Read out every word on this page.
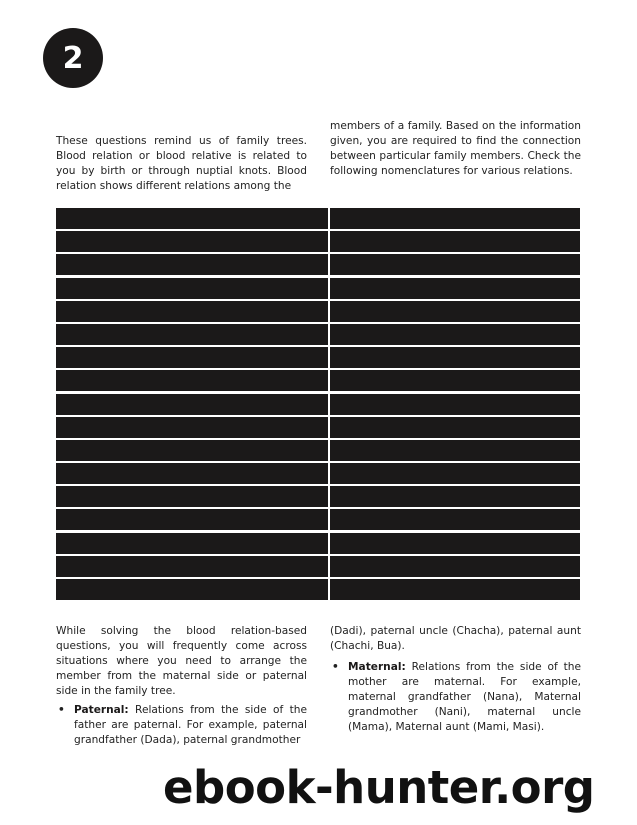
2

These questions remind us of family trees. Blood relation or blood relative is related to you by birth or through nuptial knots. Blood relation shows different relations among the

members of a family. Based on the information given, you are required to find the connection between particular family members. Check the following nomenclatures for various relations.

While solving the blood relation-based questions, you will frequently come across situations where you need to arrange the member from the maternal side or paternal side in the family tree.

• Paternal: Relations from the side of the father are paternal. For example, paternal grandfather (Dada), paternal grandmother

(Dadi), paternal uncle (Chacha), paternal aunt (Chachi, Bua).

• Maternal: Relations from the side of the mother are maternal. For example, maternal grandfather (Nana), Maternal grandmother (Nani), maternal uncle (Mama), Maternal aunt (Mami, Masi).
ebook-hunter.org
